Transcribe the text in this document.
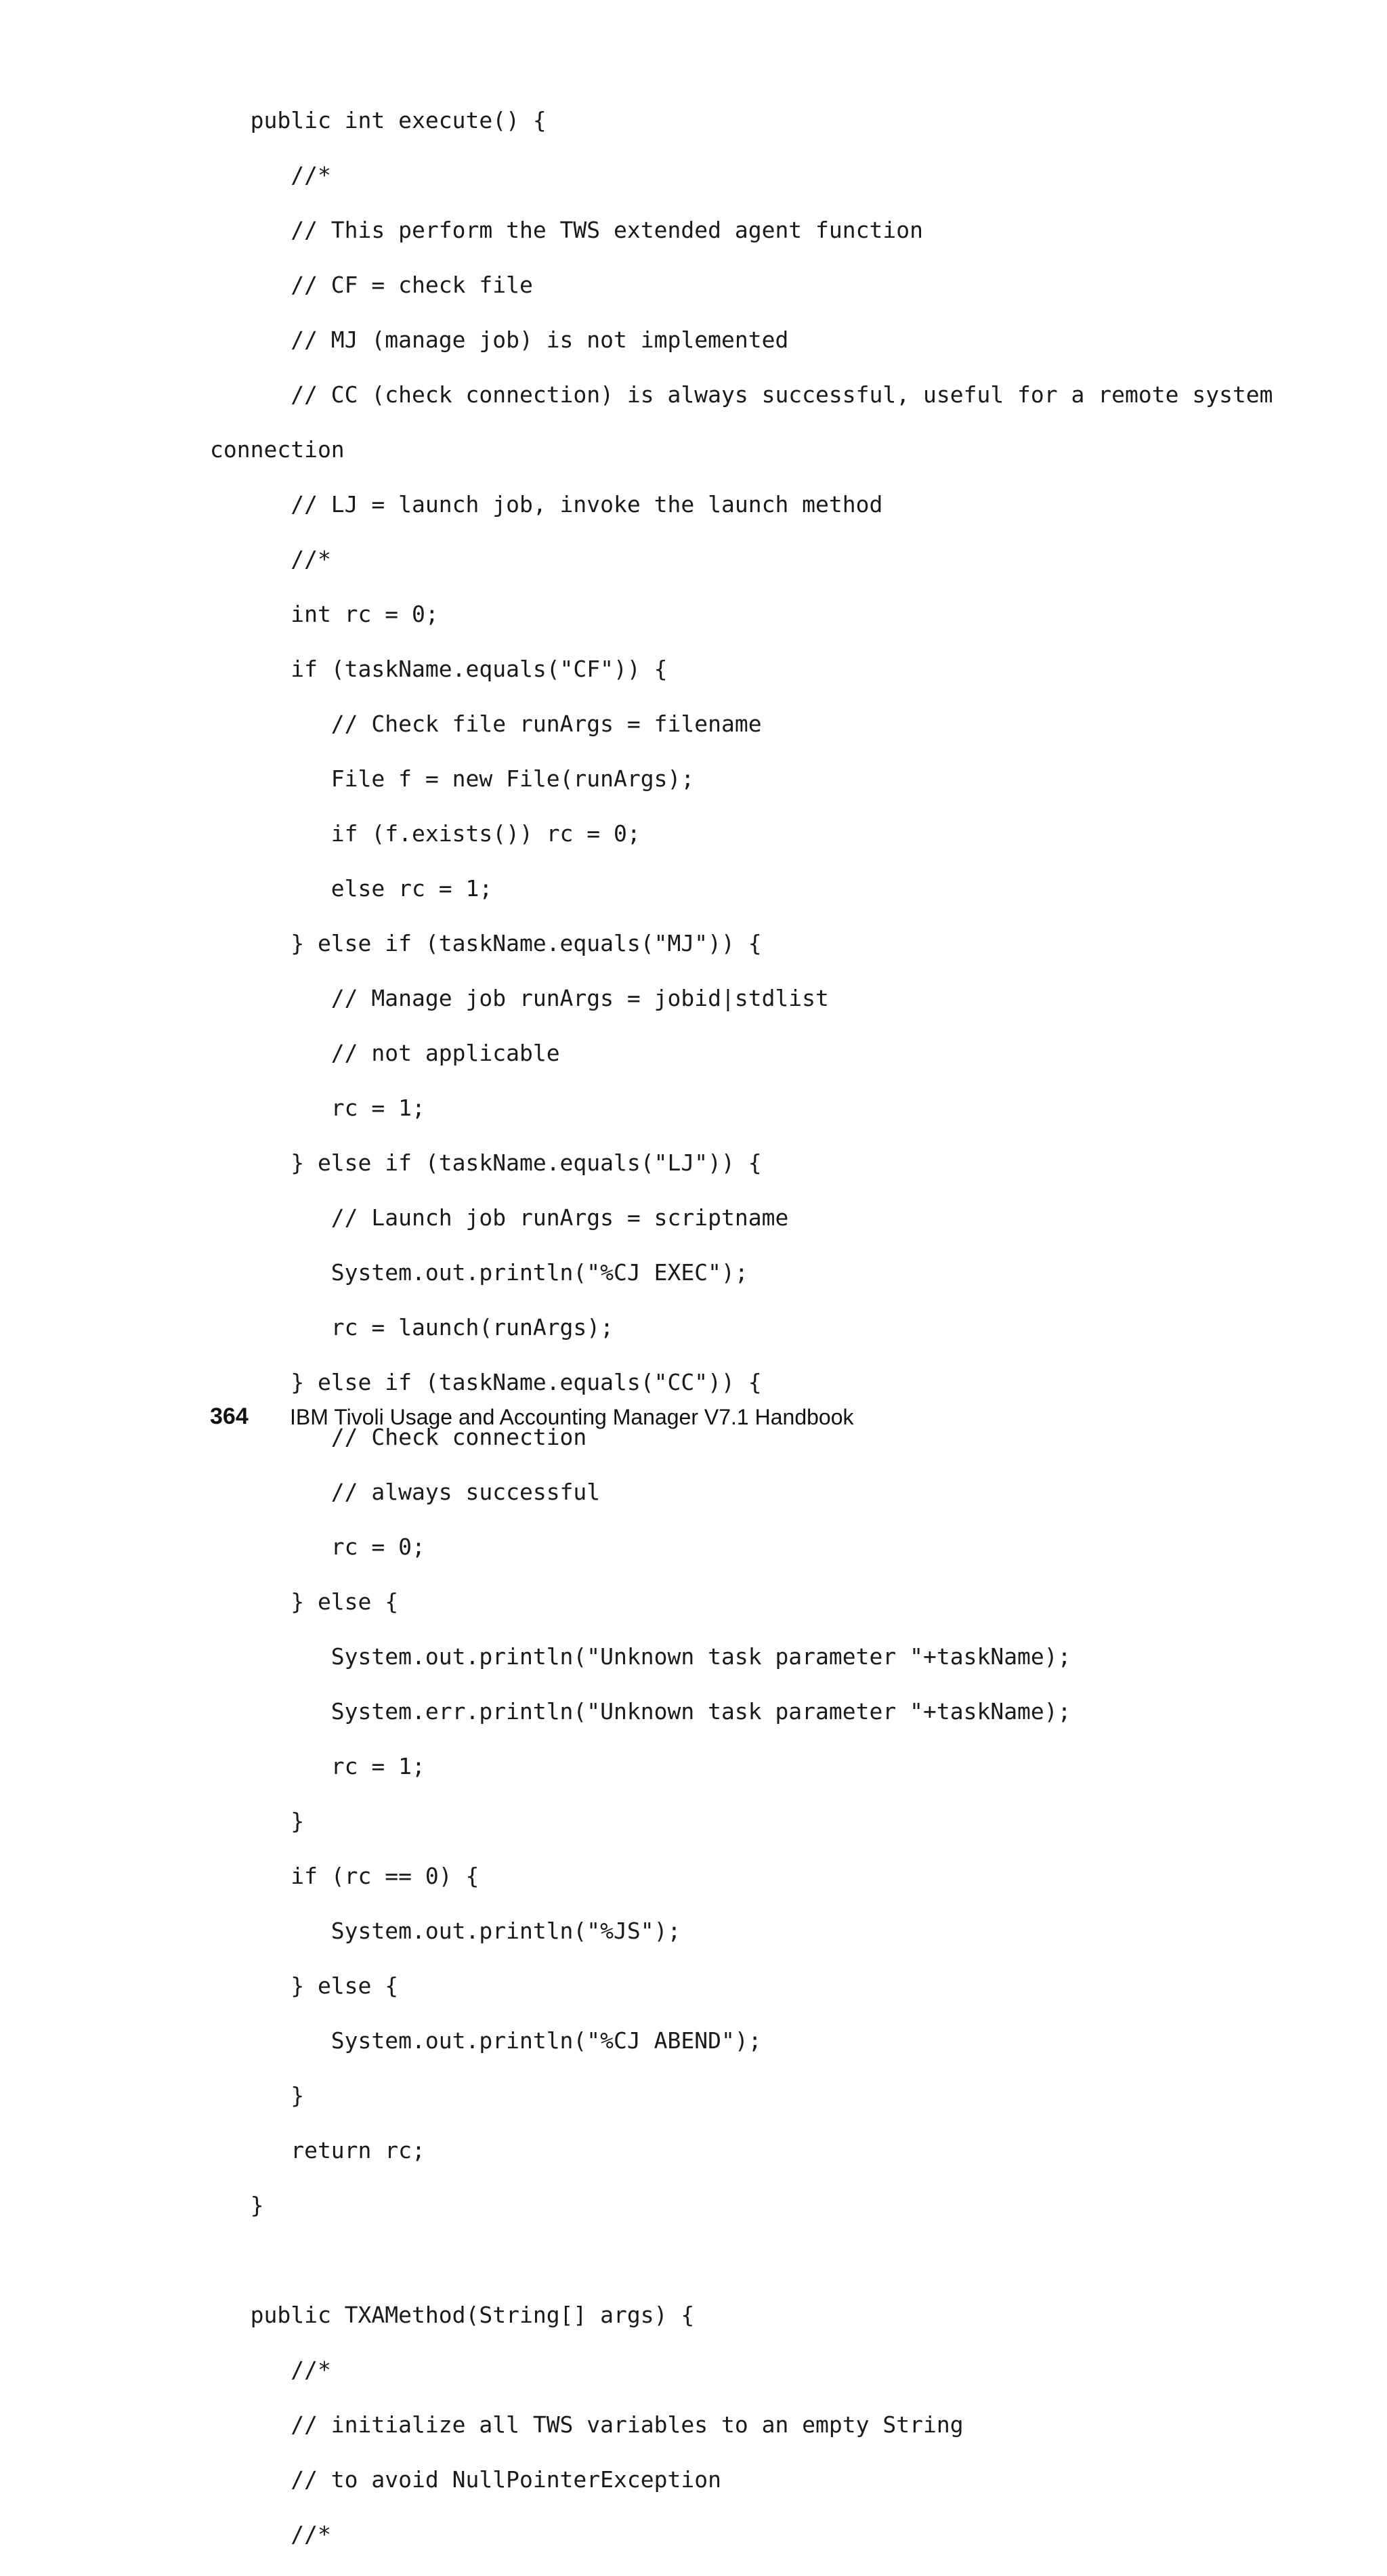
public int execute() {

//*

// This perform the TWS extended agent function

// CF = check file

// MJ (manage job) is not implemented

// CC (check connection) is always successful, useful for a remote system

connection

// LJ = launch job, invoke the launch method

//*

int rc = 0;

if (taskName.equals("CF")) {

// Check file runArgs = filename

File f = new File(runArgs);

if (f.exists()) rc = 0;

else rc = 1;

} else if (taskName.equals("MJ")) {

// Manage job runArgs = jobid|stdlist

// not applicable

rc = 1;

} else if (taskName.equals("LJ")) {

// Launch job runArgs = scriptname

System.out.println("%CJ EXEC");

rc = launch(runArgs);

} else if (taskName.equals("CC")) {

// Check connection

// always successful

rc = 0;

} else {

System.out.println("Unknown task parameter "+taskName);

System.err.println("Unknown task parameter "+taskName);

rc = 1;

}

if (rc == 0) {

System.out.println("%JS");

} else {

System.out.println("%CJ ABEND");

}

return rc;

}

public TXAMethod(String[] args) {

//*

// initialize all TWS variables to an empty String

// to avoid NullPointerException

//*

364 IBM Tivoli Usage and Accounting Manager V7.1 Handbook
